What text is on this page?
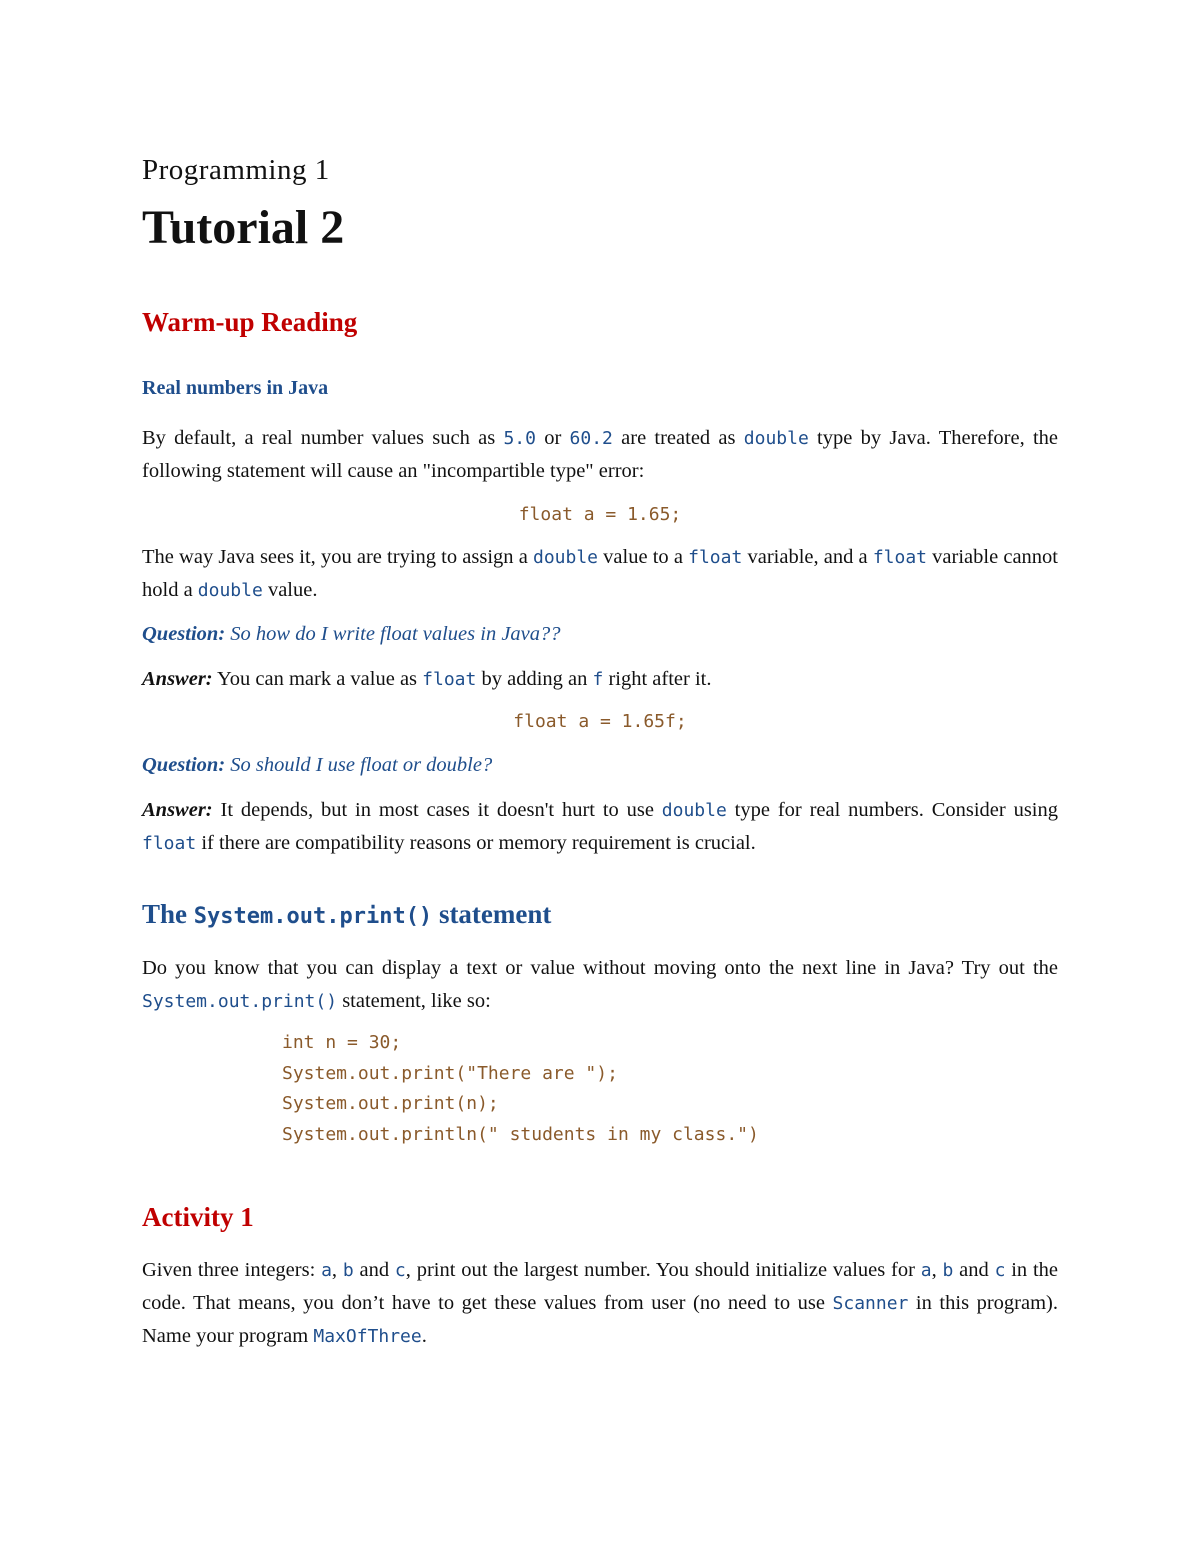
Programming 1

Tutorial 2
Warm-up Reading
Real numbers in Java

By default, a real number values such as 5.0 or 60.2 are treated as double type by Java. Therefore, the following statement will cause an "incompartible type" error:

float a = 1.65;

The way Java sees it, you are trying to assign a double value to a float variable, and a float variable cannot hold a double value.

Question: So how do I write float values in Java??

Answer: You can mark a value as float by adding an f right after it.

float a = 1.65f;

Question: So should I use float or double?

Answer: It depends, but in most cases it doesn't hurt to use double type for real numbers. Consider using float if there are compatibility reasons or memory requirement is crucial.

The System.out.print() statement

Do you know that you can display a text or value without moving onto the next line in Java? Try out the System.out.print() statement, like so:

int n = 30;
System.out.print("There are ");
System.out.print(n);
System.out.println(" students in my class.")
Activity 1

Given three integers: a, b and c, print out the largest number. You should initialize values for a, b and c in the code. That means, you don’t have to get these values from user (no need to use Scanner in this program). Name your program MaxOfThree.
